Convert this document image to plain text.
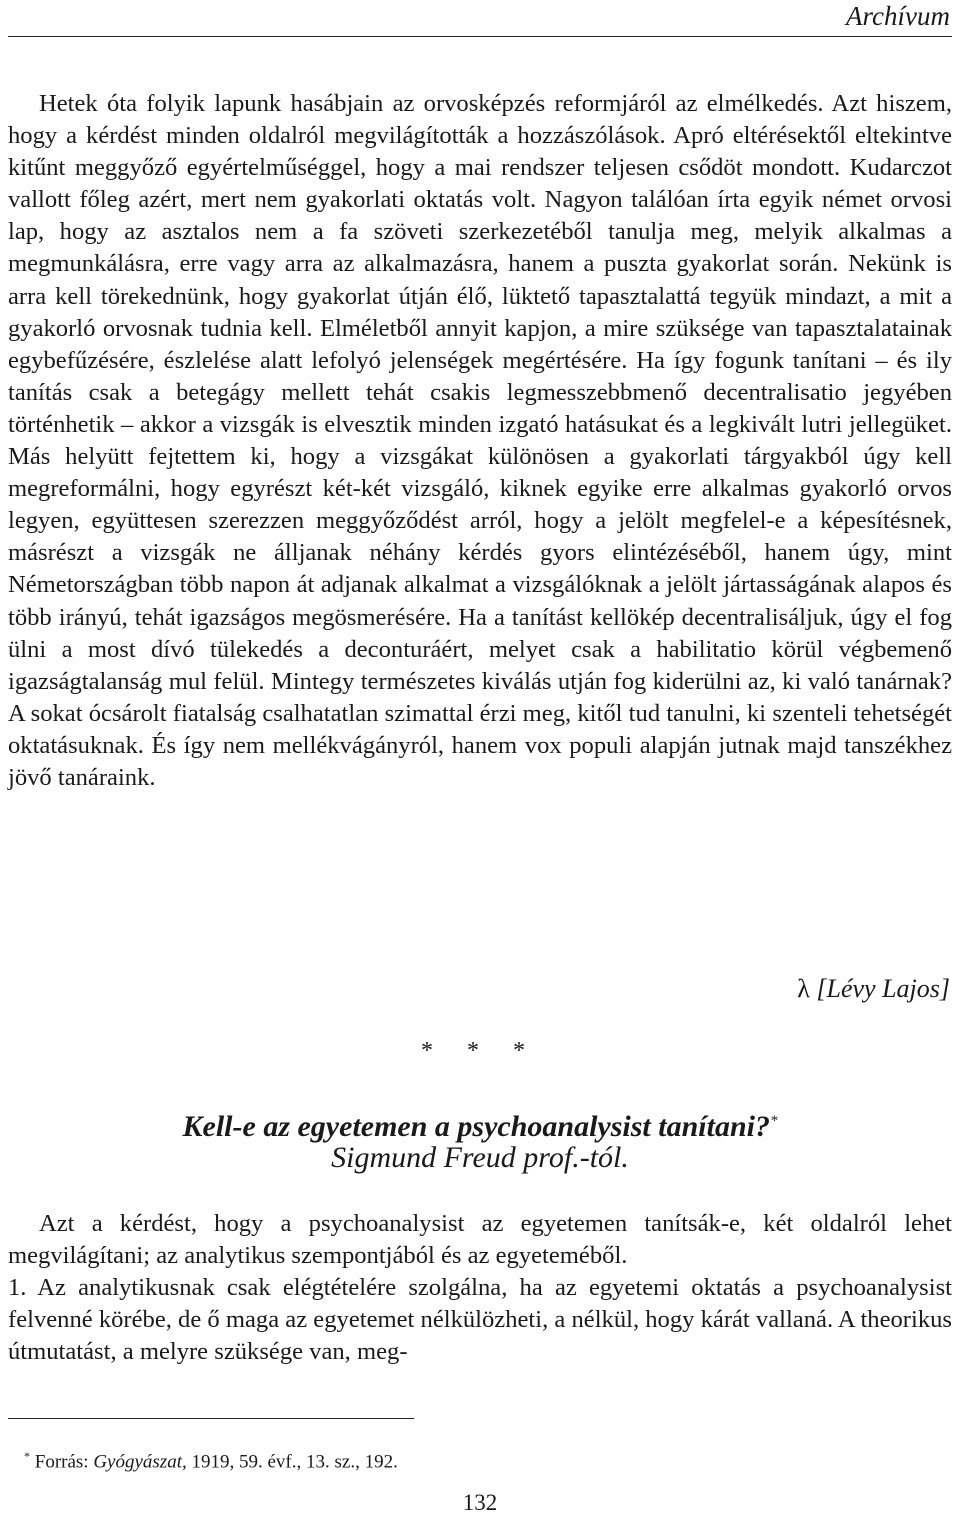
Archívum

Hetek óta folyik lapunk hasábjain az orvosképzés reformjáról az elmélkedés. Azt hiszem, hogy a kérdést minden oldalról megvilágították a hozzászólások. Apró eltérésektől eltekintve kitűnt meggyőző egyértelműséggel, hogy a mai rendszer teljesen csődöt mondott. Kudarczot vallott főleg azért, mert nem gyakorlati oktatás volt. Nagyon találóan írta egyik német orvosi lap, hogy az asztalos nem a fa szöveti szerkezetéből tanulja meg, melyik alkalmas a megmunkálásra, erre vagy arra az alkalmazásra, hanem a puszta gyakorlat során. Nekünk is arra kell törekednünk, hogy gyakorlat útján élő, lüktető tapasztalattá tegyük mindazt, a mit a gyakorló orvosnak tudnia kell. Elméletből annyit kapjon, a mire szüksége van tapasztalatainak egybefűzésére, észlelése alatt lefolyó jelenségek megértésére. Ha így fogunk tanítani – és ily tanítás csak a betegágy mellett tehát csakis legmesszebbmenő decentralisatio jegyében történhetik – akkor a vizsgák is elvesztik minden izgató hatásukat és a legkivált lutri jellegüket. Más helyütt fejtettem ki, hogy a vizsgákat különösen a gyakorlati tárgyakból úgy kell megreformálni, hogy egyrészt két-két vizsgáló, kiknek egyike erre alkalmas gyakorló orvos legyen, együttesen szerezzen meggyőződést arról, hogy a jelölt megfelel-e a képesítésnek, másrészt a vizsgák ne álljanak néhány kérdés gyors elintézéséből, hanem úgy, mint Németországban több napon át adjanak alkalmat a vizsgálóknak a jelölt jártasságának alapos és több irányú, tehát igazságos megösmerésére. Ha a tanítást kellökép decentralisáljuk, úgy el fog ülni a most dívó tülekedés a deconturáért, melyet csak a habilitatio körül végbemenő igazságtalanság mul felül. Mintegy természetes kiválás utján fog kiderülni az, ki való tanárnak? A sokat ócsárolt fiatalság csalhatatlan szimattal érzi meg, kitől tud tanulni, ki szenteli tehetségét oktatásuknak. És így nem mellékvágányról, hanem vox populi alapján jutnak majd tanszékhez jövő tanáraink.

λ [Lévy Lajos]
* * *
Kell-e az egyetemen a psychoanalysist tanítani?*
Sigmund Freud prof.-tól.

Azt a kérdést, hogy a psychoanalysist az egyetemen tanítsák-e, két oldalról lehet megvilágítani; az analytikus szempontjából és az egyeteméből.

1. Az analytikusnak csak elégtételére szolgálna, ha az egyetemi oktatás a psychoanalysist felvenné körébe, de ő maga az egyetemet nélkülözheti, a nélkül, hogy kárát vallaná. A theorikus útmutatást, a melyre szüksége van, meg-

* Forrás: Gyógyászat, 1919, 59. évf., 13. sz., 192.
132
